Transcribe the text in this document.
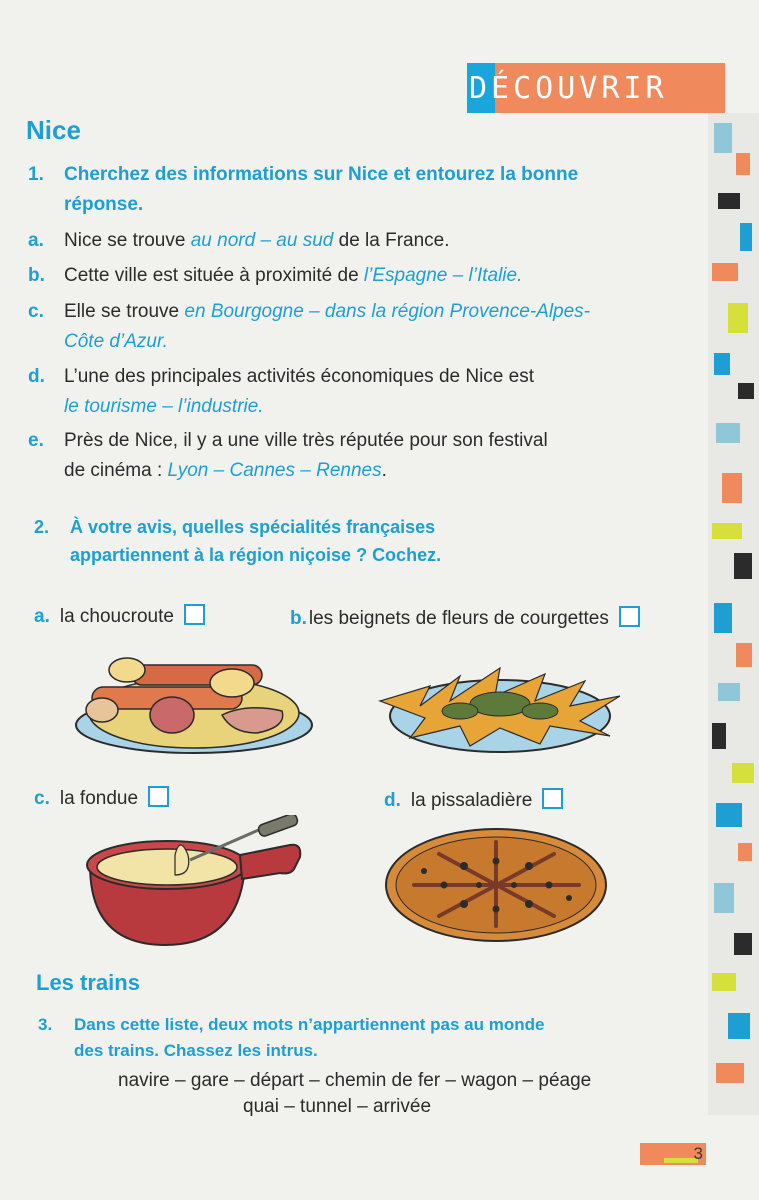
DÉCOUVRIR
Nice
1. Cherchez des informations sur Nice et entourez la bonne
réponse.
a. Nice se trouve au nord – au sud de la France.
b. Cette ville est située à proximité de l’Espagne – l’Italie.
c. Elle se trouve en Bourgogne – dans la région Provence-Alpes-
Côte d’Azur.
d. L’une des principales activités économiques de Nice est
le tourisme – l’industrie.
e. Près de Nice, il y a une ville très réputée pour son festival
de cinéma : Lyon – Cannes – Rennes.
2. À votre avis, quelles spécialités françaises
appartiennent à la région niçoise ? Cochez.
a. la choucroute	b. les beignets de fleurs de courgettes
c. la fondue	d. la pissaladière
Les trains
3. Dans cette liste, deux mots n’appartiennent pas au monde
des trains. Chassez les intrus.
navire – gare – départ – chemin de fer – wagon – péage
quai – tunnel – arrivée
3
